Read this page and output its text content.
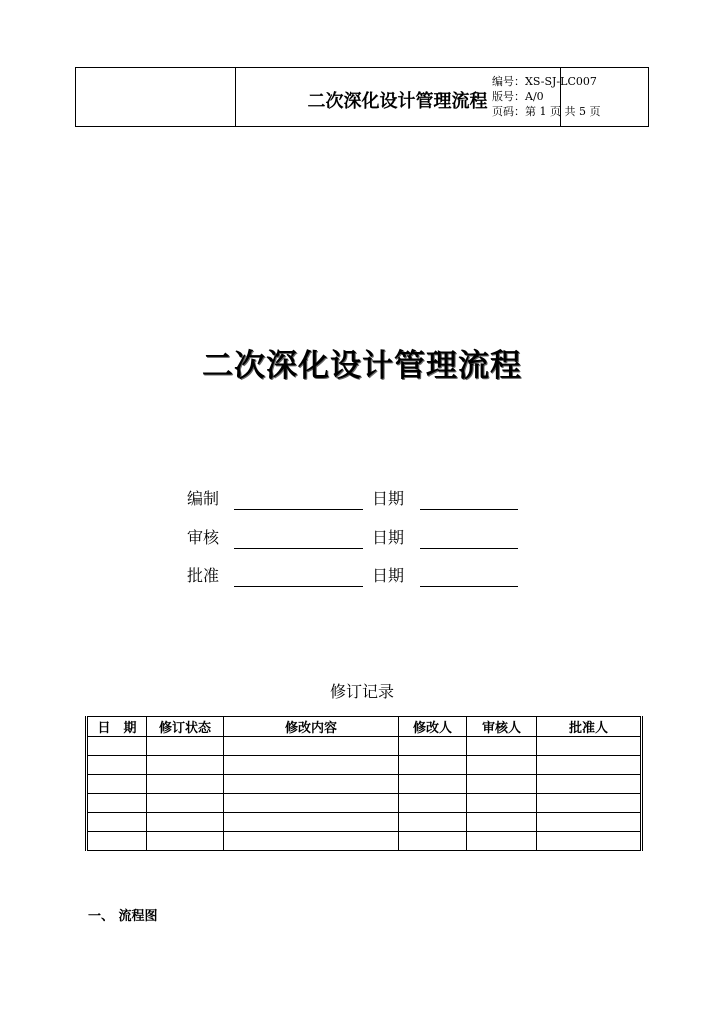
二次深化设计管理流程
编号：XS-SJ-LC007
版号：A/0
页码：第 1 页 共 5 页
二次深化设计管理流程
编制	日期
审核	日期
批准	日期
修订记录
日　期	修订状态	修改内容	修改人	审核人	批准人

一、 流程图
